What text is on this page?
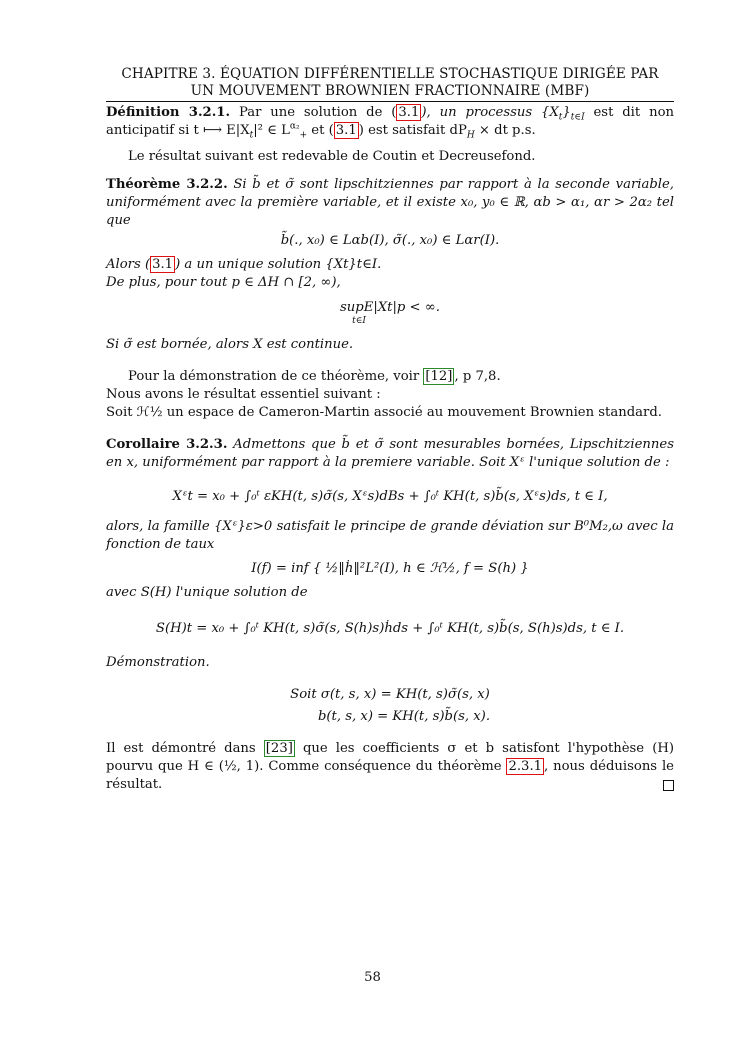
CHAPITRE 3. ÉQUATION DIFFÉRENTIELLE STOCHASTIQUE DIRIGÉE PAR
UN MOUVEMENT BROWNIEN FRACTIONNAIRE (MBF)

Définition 3.2.1. Par une solution de ( 3.1 ), un processus $\{X_t\}_{t\in I}$ est dit non anticipatif si t ⟼ $E|X_t|^2$ ∈ $L^{\alpha_2}_+$ et ( 3.1 ) est satisfait $dP_H$ × dt p.s.

Le résultat suivant est redevable de Coutin et Decreusefond.

Théorème 3.2.2. Si b̃ et σ̃ sont lipschitziennes par rapport à la seconde variable, uniformément avec la première variable, et il existe x₀, y₀ ∈ ℝ, αb > α₁, αr > 2α₂ tel que

b̃(., x₀) ∈ Lαb(I), σ̃(., x₀) ∈ Lαr(I).

Alors ( 3.1 ) a un unique solution {Xt}t∈I.

De plus, pour tout p ∈ ΔH ∩ [2, ∞),

supE|Xt|p < ∞.
t∈I

Si σ̃ est bornée, alors X est continue.

Pour la démonstration de ce théorème, voir [12] , p 7,8.

Nous avons le résultat essentiel suivant :

Soit ℋ½ un espace de Cameron-Martin associé au mouvement Brownien standard.

Corollaire 3.2.3. Admettons que b̃ et σ̃ sont mesurables bornées, Lipschitziennes en x, uniformément par rapport à la premiere variable. Soit Xᵋ l'unique solution de :

Xᵋt = x₀ + ∫₀ᵗ εKH(t, s)σ̃(s, Xᵋs)dBs + ∫₀ᵗ KH(t, s)b̃(s, Xᵋs)ds, t ∈ I,

alors, la famille {Xᵋ}ε>0 satisfait le principe de grande déviation sur B⁰M₂,ω avec la fonction de taux

I(f) = inf { ½‖ḣ‖²L²(I), h ∈ ℋ½, f = S(h) }

avec S(H) l'unique solution de

S(H)t = x₀ + ∫₀ᵗ KH(t, s)σ̃(s, S(h)s)ḣds + ∫₀ᵗ KH(t, s)b̃(s, S(h)s)ds, t ∈ I.

Démonstration.

Soit σ(t, s, x) = KH(t, s)σ̃(s, x)
b(t, s, x) = KH(t, s)b̃(s, x).

Il est démontré dans [23] que les coefficients σ et b satisfont l'hypothèse (H) pourvu que H ∈ (½, 1). Comme conséquence du théorème 2.3.1 , nous déduisons le résultat.

58
